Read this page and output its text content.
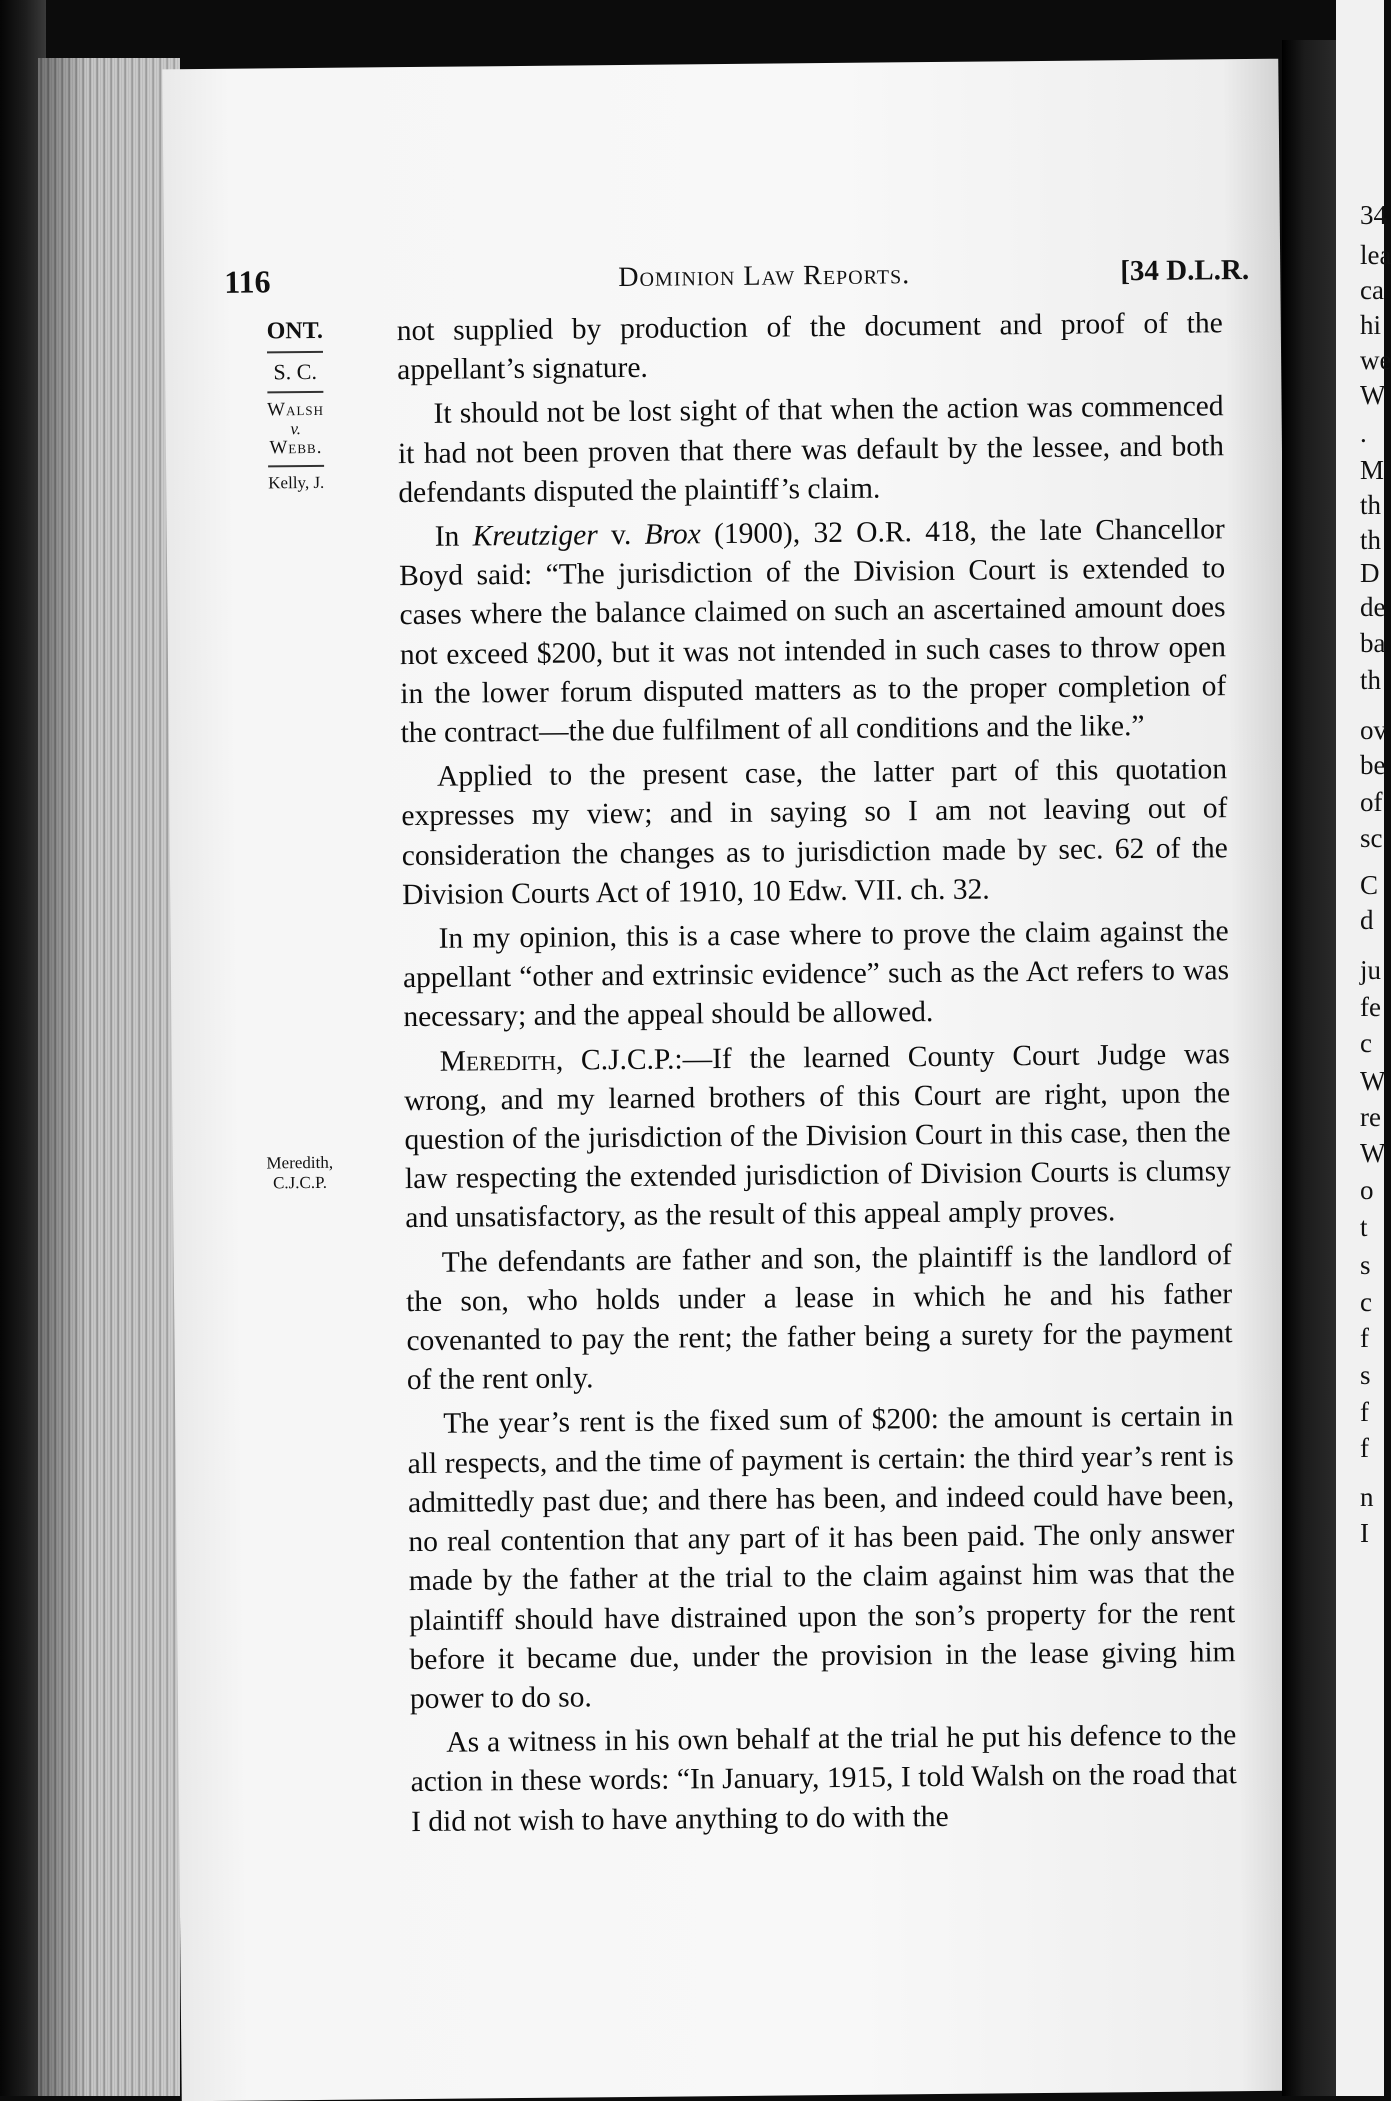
116	Dominion Law Reports.	[34 D.L.R.
ONT.
S. C.
Walsh
v.
Webb.
Kelly, J.
Meredith,
C.J.C.P.

not supplied by production of the document and proof of the appellant’s signature.

It should not be lost sight of that when the action was commenced it had not been proven that there was default by the lessee, and both defendants disputed the plaintiff’s claim.

In Kreutziger v. Brox (1900), 32 O.R. 418, the late Chancellor Boyd said: “The jurisdiction of the Division Court is extended to cases where the balance claimed on such an ascertained amount does not exceed $200, but it was not intended in such cases to throw open in the lower forum disputed matters as to the proper completion of the contract—the due fulfilment of all conditions and the like.”

Applied to the present case, the latter part of this quotation expresses my view; and in saying so I am not leaving out of consideration the changes as to jurisdiction made by sec. 62 of the Division Courts Act of 1910, 10 Edw. VII. ch. 32.

In my opinion, this is a case where to prove the claim against the appellant “other and extrinsic evidence” such as the Act refers to was necessary; and the appeal should be allowed.

Meredith, C.J.C.P.:—If the learned County Court Judge was wrong, and my learned brothers of this Court are right, upon the question of the jurisdiction of the Division Court in this case, then the law respecting the extended jurisdiction of Division Courts is clumsy and unsatisfactory, as the result of this appeal amply proves.

The defendants are father and son, the plaintiff is the landlord of the son, who holds under a lease in which he and his father covenanted to pay the rent; the father being a surety for the payment of the rent only.

The year’s rent is the fixed sum of $200: the amount is certain in all respects, and the time of payment is certain: the third year’s rent is admittedly past due; and there has been, and indeed could have been, no real contention that any part of it has been paid. The only answer made by the father at the trial to the claim against him was that the plaintiff should have distrained upon the son’s property for the rent before it became due, under the provision in the lease giving him power to do so.

As a witness in his own behalf at the trial he put his defence to the action in these words: “In January, 1915, I told Walsh on the road that I did not wish to have anything to do with the

34
lea
ca
hi
we
W
.
M
th
th
D
de
ba
th
ov
be
of
sc
C
d
ju
fe
c
W
re
W
o
t
s
c
f
s
f
f
n
I
